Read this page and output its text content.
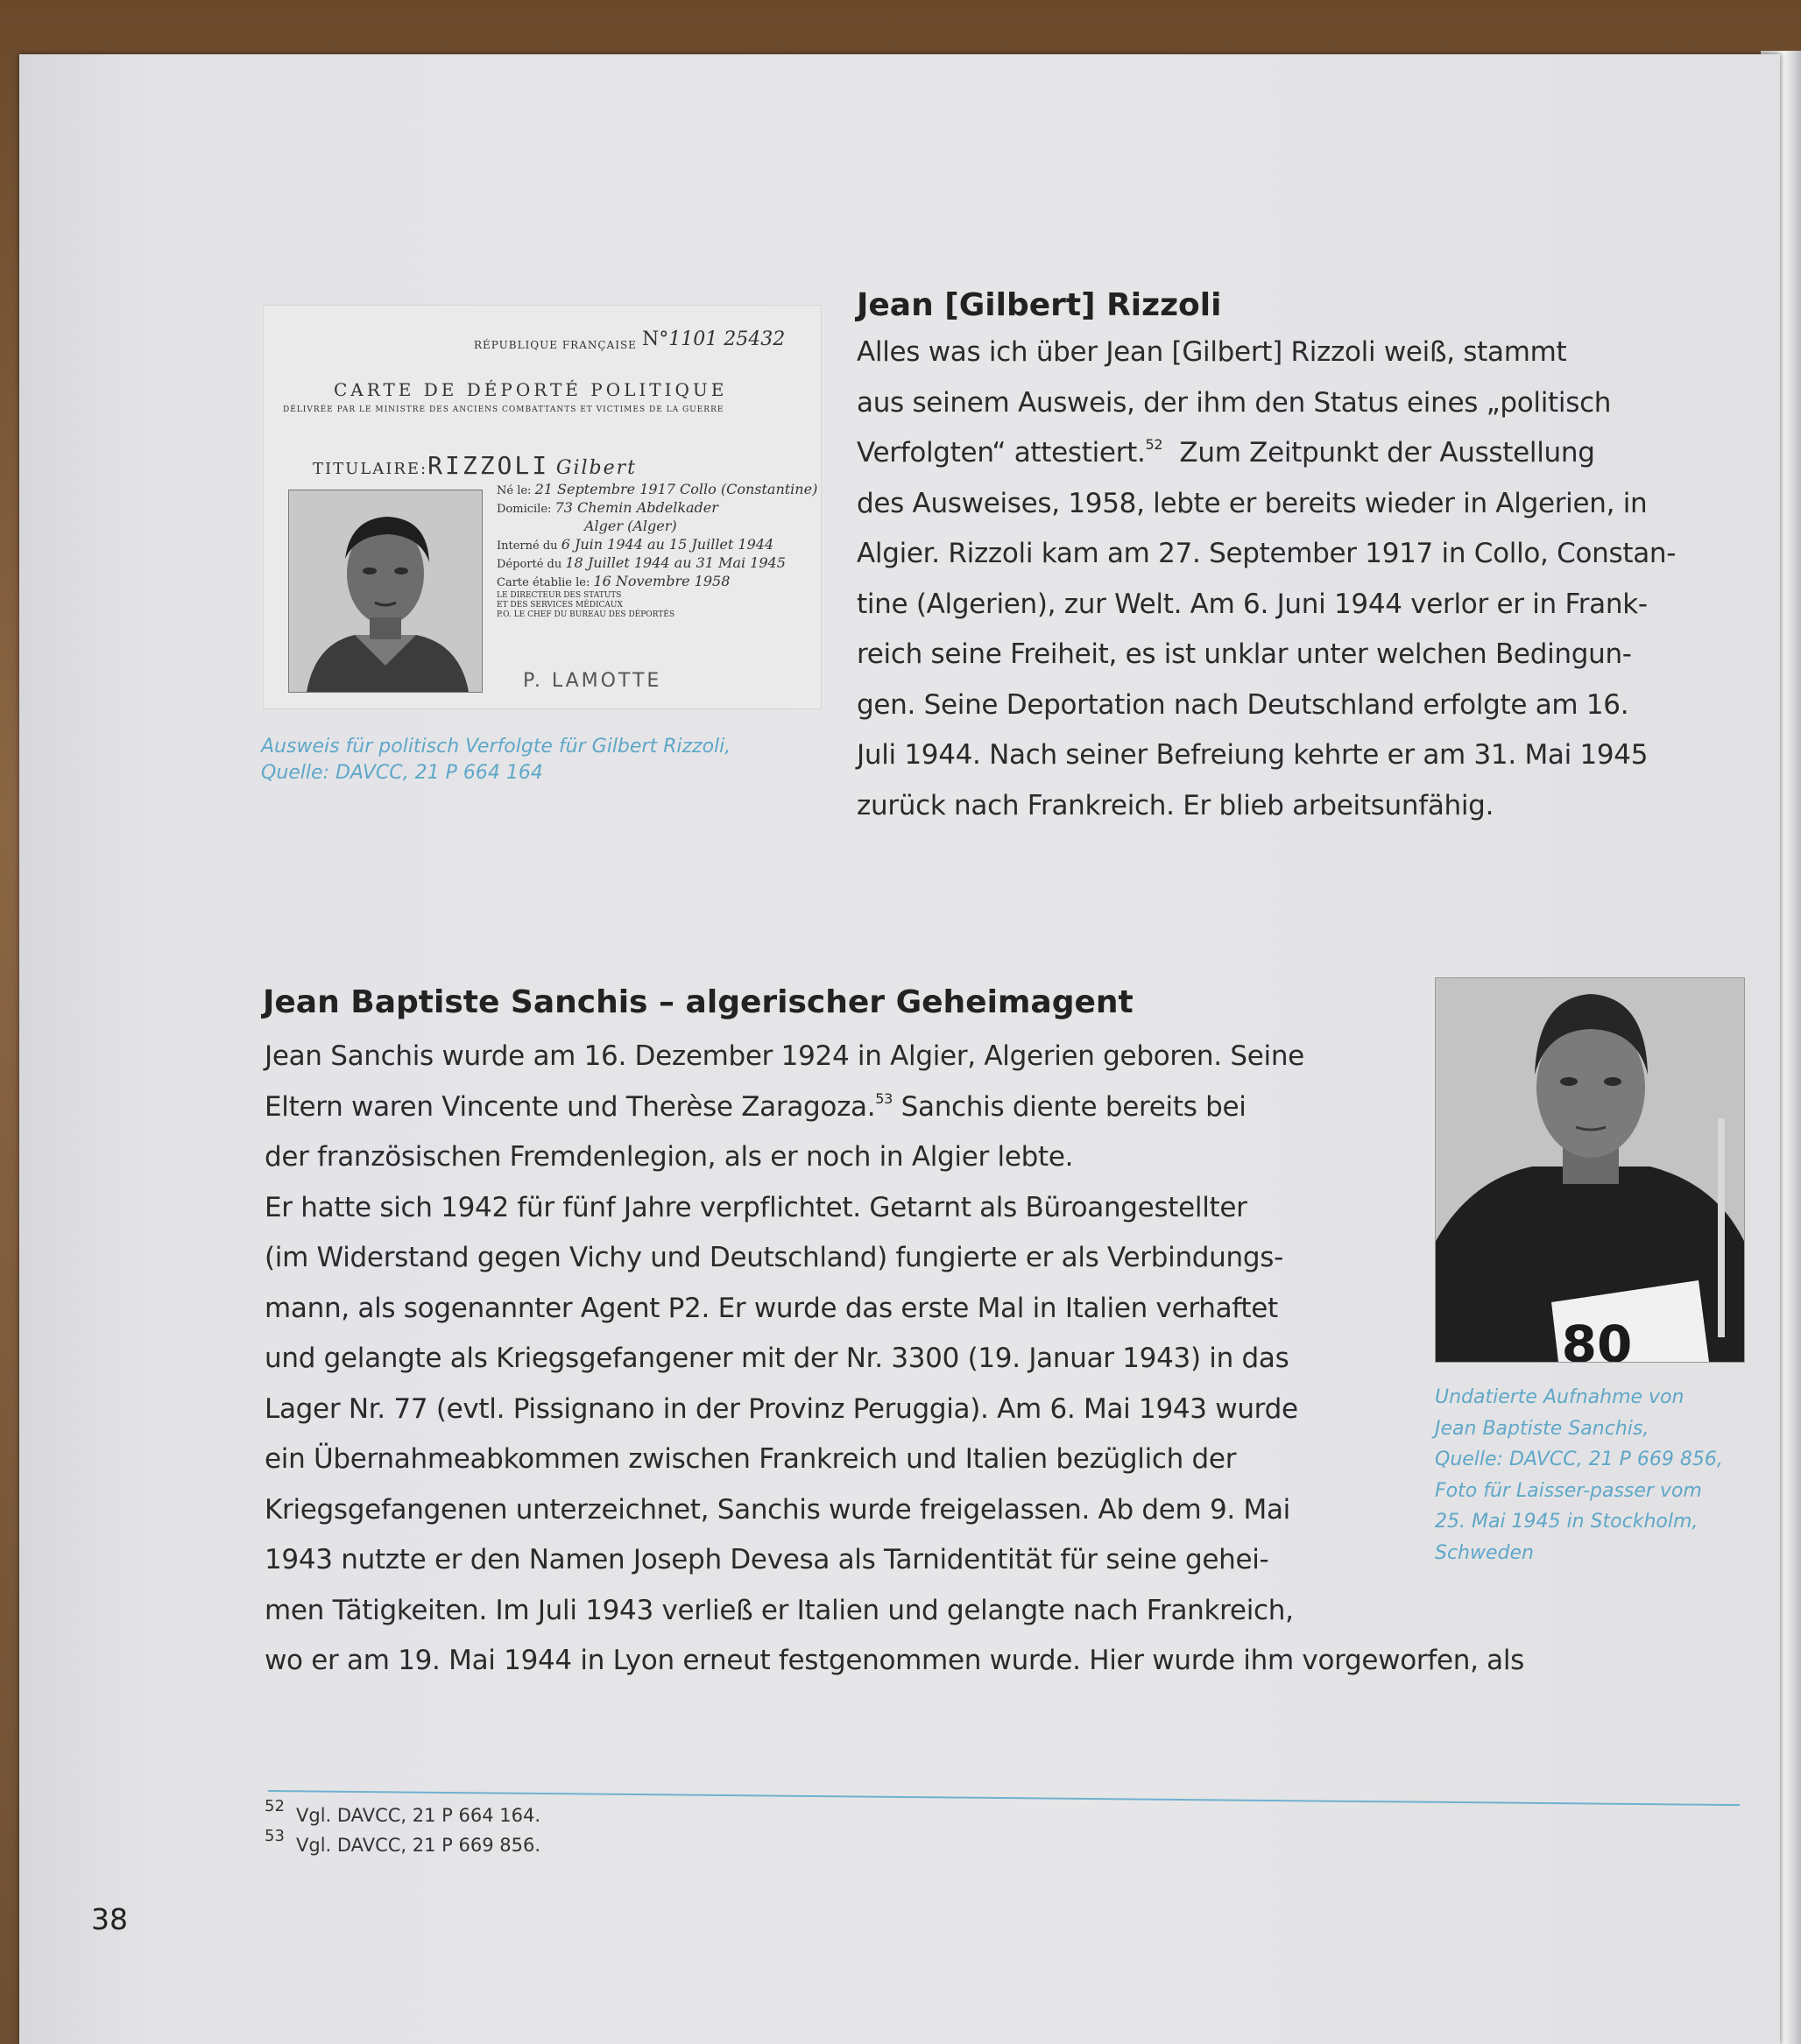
RÉPUBLIQUE FRANÇAISE N°1101 25432
CARTE DE DÉPORTÉ POLITIQUE
DÉLIVRÉE PAR LE MINISTRE DES ANCIENS COMBATTANTS ET VICTIMES DE LA GUERRE
TITULAIRE:RIZZOLI Gilbert
Né le: 21 Septembre 1917 Collo (Constantine)
Domicile: 73 Chemin Abdelkader
Alger (Alger)
Interné du 6 Juin 1944 au 15 Juillet 1944
Déporté du 18 Juillet 1944 au 31 Mai 1945
Carte établie le: 16 Novembre 1958
LE DIRECTEUR DES STATUTS
ET DES SERVICES MÉDICAUX
P.O. LE CHEF DU BUREAU DES DÉPORTÉS
P. LAMOTTE
Ausweis für politisch Verfolgte für Gilbert Rizzoli,
Quelle: DAVCC, 21 P 664 164
Jean [Gilbert] Rizzoli
Alles was ich über Jean [Gilbert] Rizzoli weiß, stammt
aus seinem Ausweis, der ihm den Status eines „politisch
Verfolgten“ attestiert.$^{52}$ Zum Zeitpunkt der Ausstellung
des Ausweises, 1958, lebte er bereits wieder in Algerien, in
Algier. Rizzoli kam am 27. September 1917 in Collo, Constan-
tine (Algerien), zur Welt. Am 6. Juni 1944 verlor er in Frank-
reich seine Freiheit, es ist unklar unter welchen Bedingun-
gen. Seine Deportation nach Deutschland erfolgte am 16.
Juli 1944. Nach seiner Befreiung kehrte er am 31. Mai 1945
zurück nach Frankreich. Er blieb arbeitsunfähig.
Jean Baptiste Sanchis – algerischer Geheimagent
Jean Sanchis wurde am 16. Dezember 1924 in Algier, Algerien geboren. Seine
Eltern waren Vincente und Therèse Zaragoza.$^{53}$ Sanchis diente bereits bei
der französischen Fremdenlegion, als er noch in Algier lebte.
Er hatte sich 1942 für fünf Jahre verpflichtet. Getarnt als Büroangestellter
(im Widerstand gegen Vichy und Deutschland) fungierte er als Verbindungs-
mann, als sogenannter Agent P2. Er wurde das erste Mal in Italien verhaftet
und gelangte als Kriegsgefangener mit der Nr. 3300 (19. Januar 1943) in das
Lager Nr. 77 (evtl. Pissignano in der Provinz Peruggia). Am 6. Mai 1943 wurde
ein Übernahmeabkommen zwischen Frankreich und Italien bezüglich der
Kriegsgefangenen unterzeichnet, Sanchis wurde freigelassen. Ab dem 9. Mai
1943 nutzte er den Namen Joseph Devesa als Tarnidentität für seine gehei-
men Tätigkeiten. Im Juli 1943 verließ er Italien und gelangte nach Frankreich,
wo er am 19. Mai 1944 in Lyon erneut festgenommen wurde. Hier wurde ihm vorgeworfen, als
80
Undatierte Aufnahme von
Jean Baptiste Sanchis,
Quelle: DAVCC, 21 P 669 856,
Foto für Laisser-passer vom
25. Mai 1945 in Stockholm,
Schweden
52 Vgl. DAVCC, 21 P 664 164.
53 Vgl. DAVCC, 21 P 669 856.
38
